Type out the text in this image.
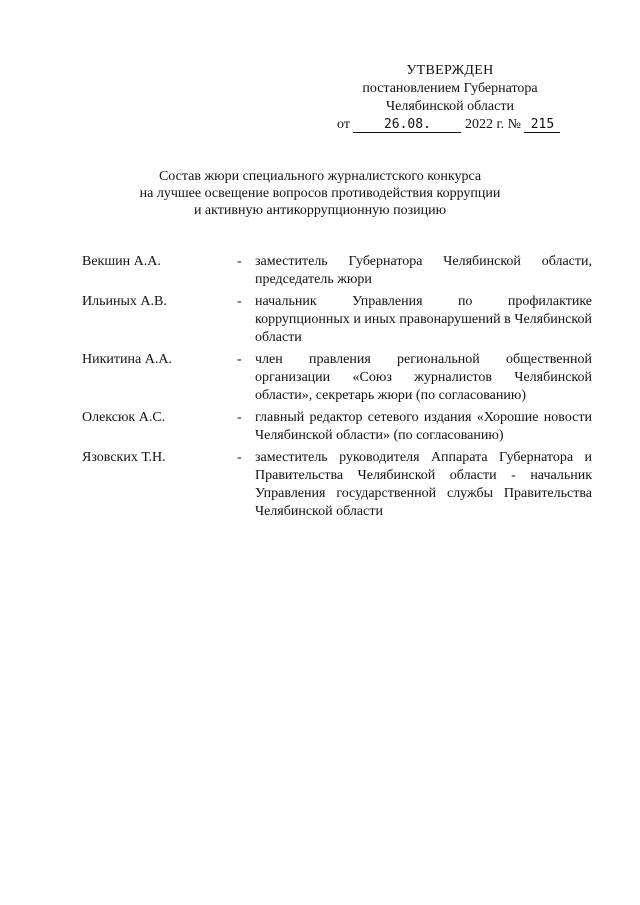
УТВЕРЖДЕН
постановлением Губернатора
Челябинской области
от	26.08. 2022 г. № 215
Состав жюри специального журналистского конкурса
на лучшее освещение вопросов противодействия коррупции
и активную антикоррупционную позицию
Векшин А.А.	- заместитель Губернатора Челябинской области, председатель жюри
Ильиных А.В.	- начальник Управления по профилактике коррупционных и иных правонарушений в Челябинской области
Никитина А.А.	- член правления региональной общественной организации «Союз журналистов Челябинской области», секретарь жюри (по согласованию)
Олексюк А.С.	- главный редактор сетевого издания «Хорошие новости Челябинской области» (по согласованию)
Язовских Т.Н.	- заместитель руководителя Аппарата Губернатора и Правительства Челябинской области - начальник Управления государственной службы Правительства Челябинской области
